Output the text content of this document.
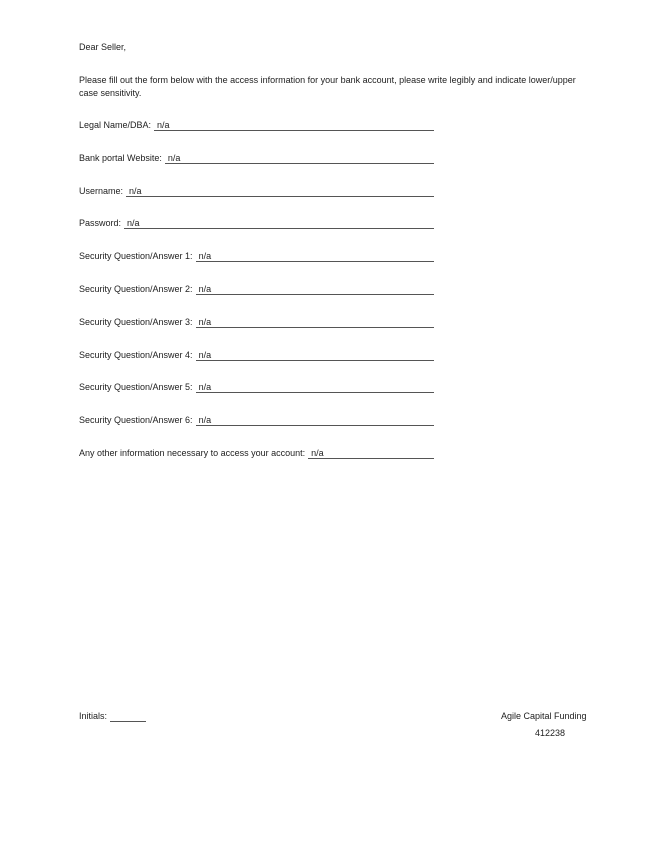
Dear Seller,
Please fill out the form below with the access information for your bank account, please write legibly and indicate lower/upper case sensitivity.
Legal Name/DBA: n/a
Bank portal Website: n/a
Username: n/a
Password: n/a
Security Question/Answer 1: n/a
Security Question/Answer 2: n/a
Security Question/Answer 3: n/a
Security Question/Answer 4: n/a
Security Question/Answer 5: n/a
Security Question/Answer 6: n/a
Any other information necessary to access your account: n/a
Initials:	Agile Capital Funding
412238
